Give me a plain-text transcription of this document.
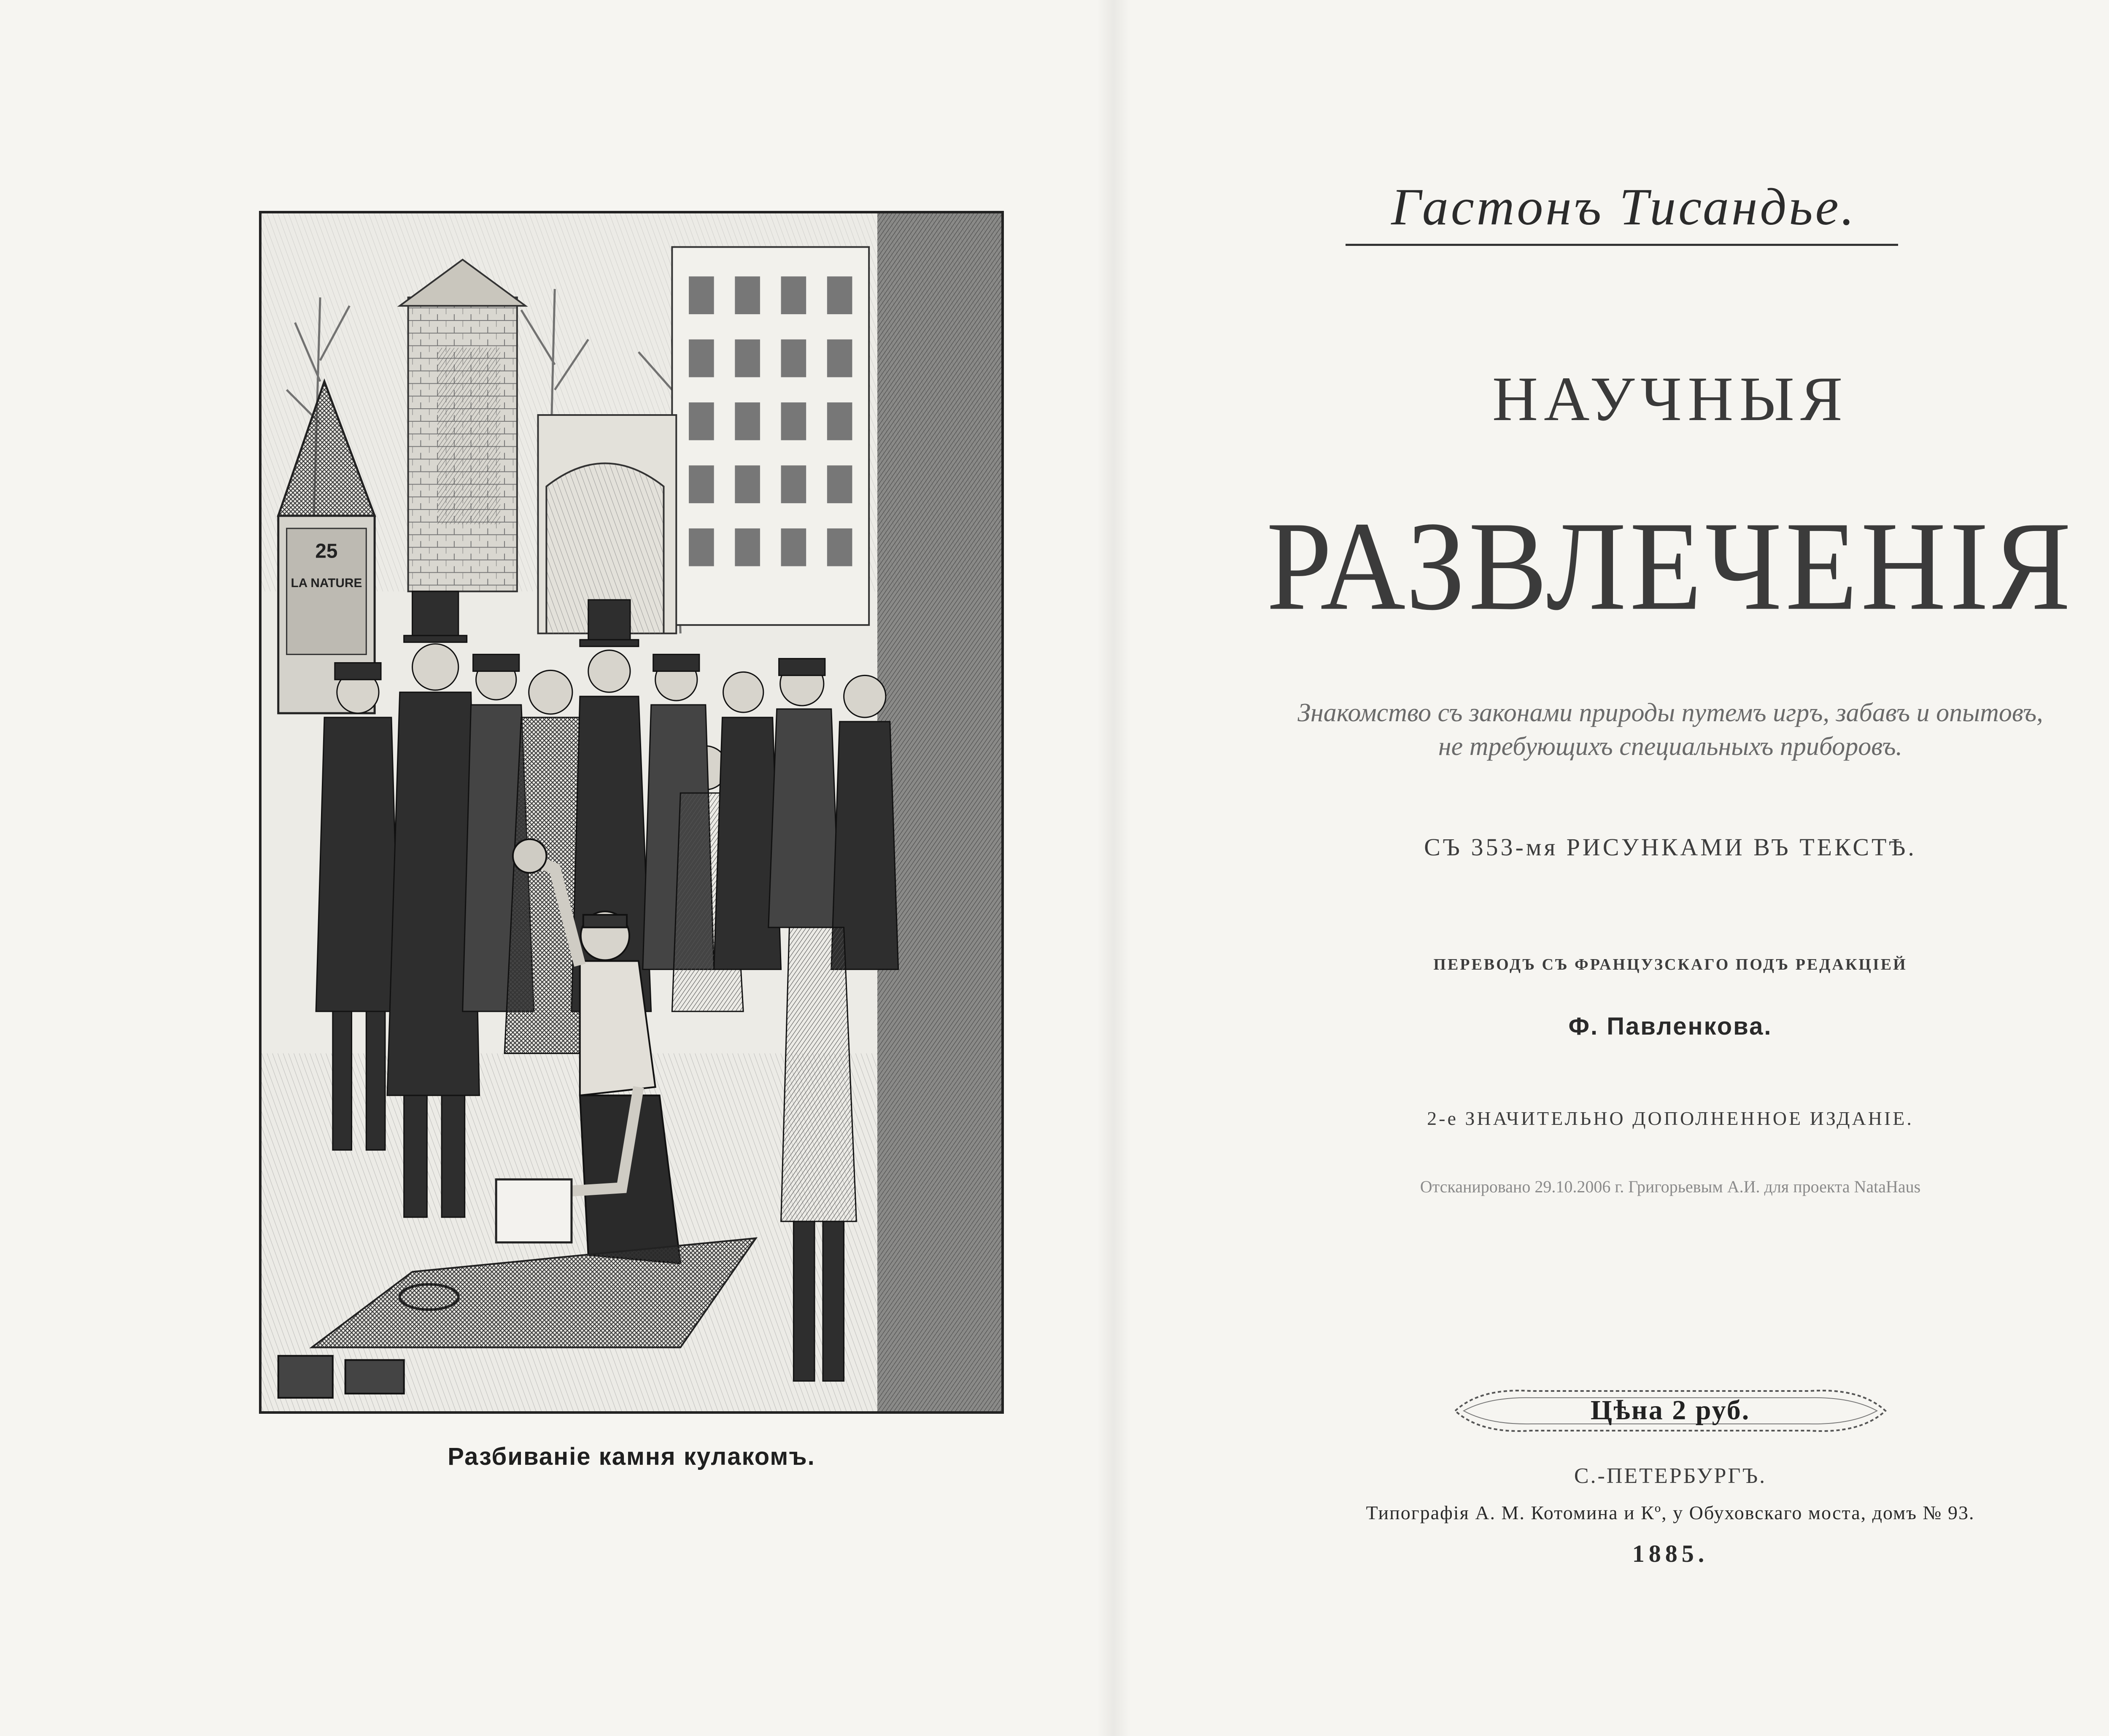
25
LA NATURE
Разбиваніе камня кулакомъ.
Гастонъ Тисандье.
НАУЧНЫЯ
РАЗВЛЕЧЕНІЯ
Знакомство съ законами природы путемъ игръ, забавъ и опытовъ,
не требующихъ специальныхъ приборовъ.
СЪ 353-мя РИСУНКАМИ ВЪ ТЕКСТѢ.
ПЕРЕВОДЪ СЪ ФРАНЦУЗСКАГО ПОДЪ РЕДАКЦІЕЙ
Ф. Павленкова.
2-е ЗНАЧИТЕЛЬНО ДОПОЛНЕННОЕ ИЗДАНІЕ.
Отсканировано 29.10.2006 г. Григорьевым А.И. для проекта NataHaus
Цѣна 2 руб.
С.-ПЕТЕРБУРГЪ.
Типографія А. М. Котомина и Кº, у Обуховскаго моста, домъ № 93.
1885.
